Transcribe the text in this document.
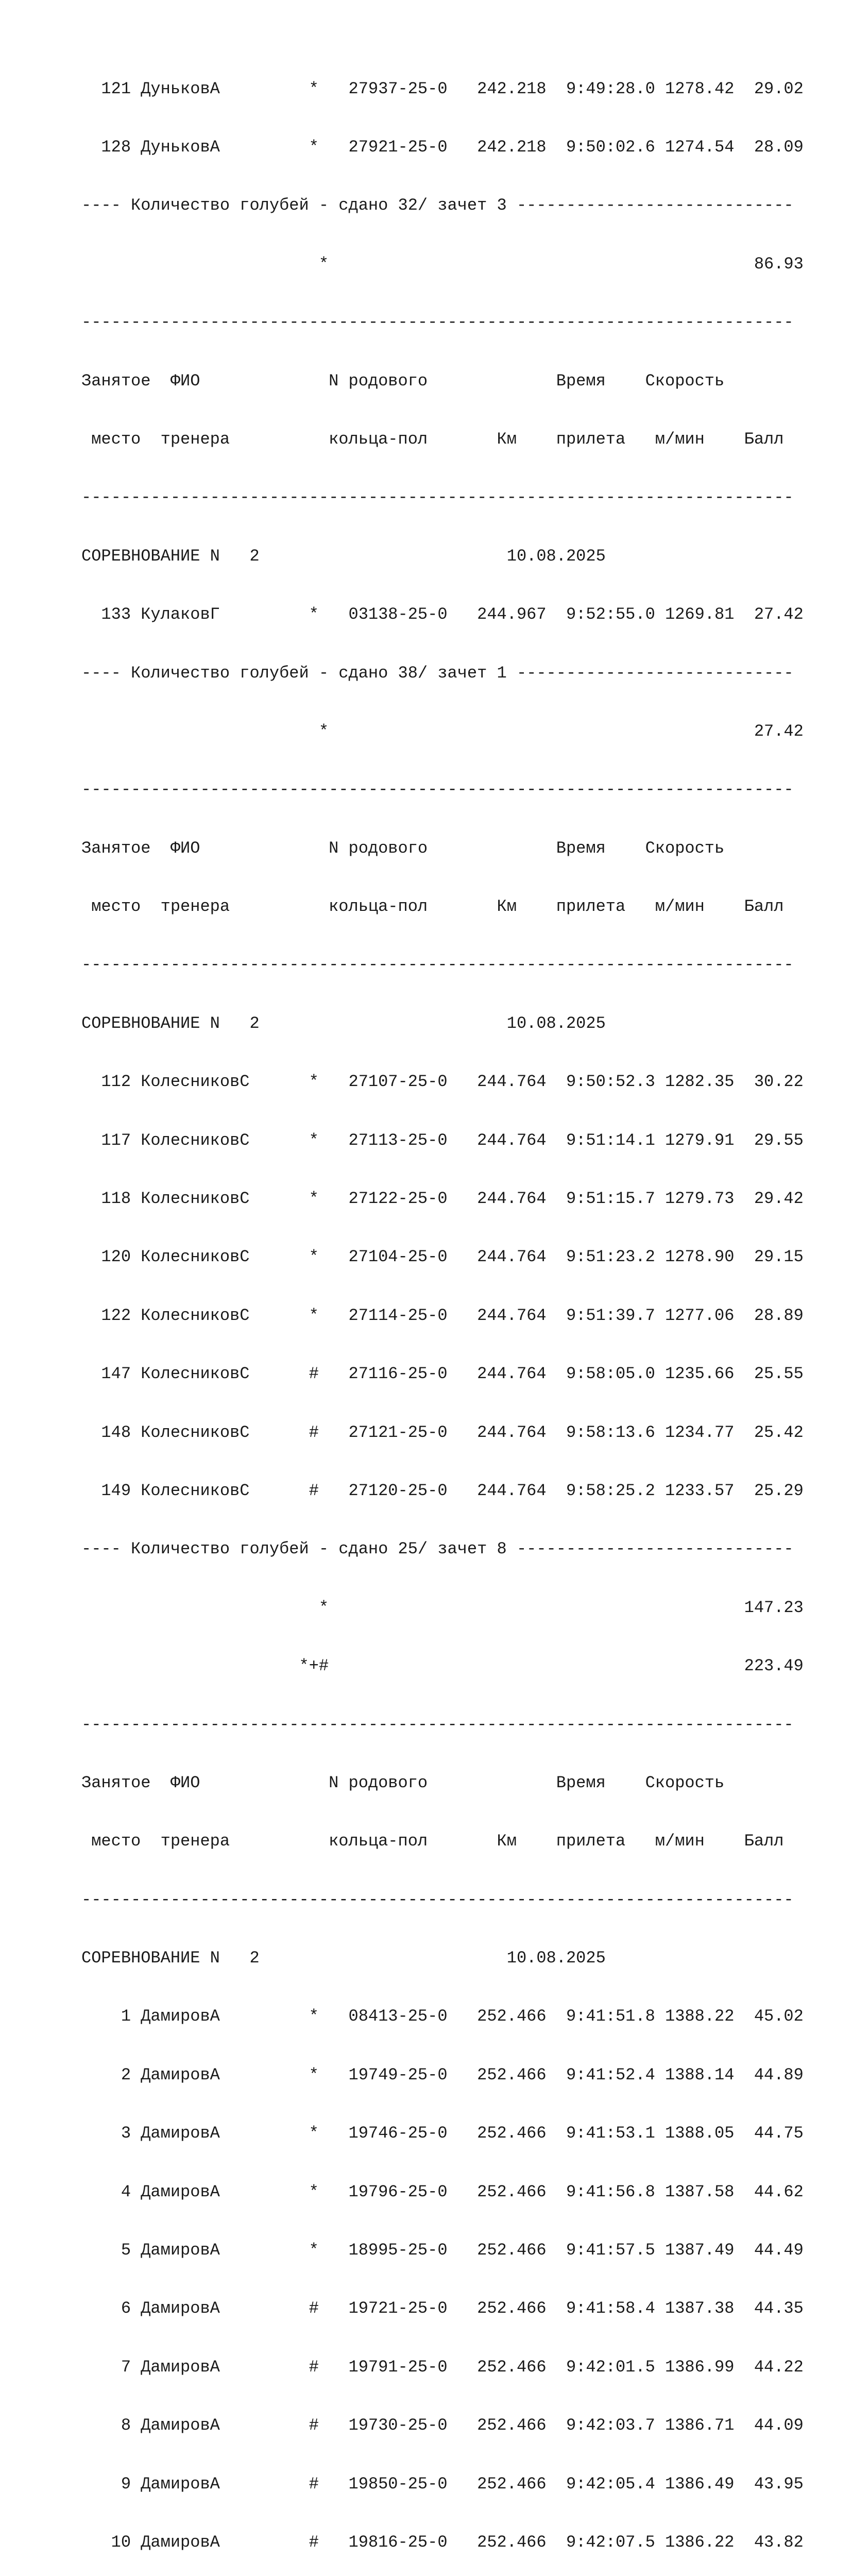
121 ДуньковА         *   27937-25-0   242.218  9:49:28.0 1278.42  29.02

128 ДуньковА         *   27921-25-0   242.218  9:50:02.6 1274.54  28.09

---- Количество голубей - сдано 32/ зачет 3 ----------------------------

*                                           86.93

------------------------------------------------------------------------

Занятое  ФИО             N родового             Время    Скорость

место  тренера          кольца-пол       Км    прилета   м/мин    Балл

------------------------------------------------------------------------

СОРЕВНОВАНИЕ N   2                         10.08.2025

133 КулаковГ         *   03138-25-0   244.967  9:52:55.0 1269.81  27.42

---- Количество голубей - сдано 38/ зачет 1 ----------------------------

*                                           27.42

------------------------------------------------------------------------

Занятое  ФИО             N родового             Время    Скорость

место  тренера          кольца-пол       Км    прилета   м/мин    Балл

------------------------------------------------------------------------

СОРЕВНОВАНИЕ N   2                         10.08.2025

112 КолесниковС      *   27107-25-0   244.764  9:50:52.3 1282.35  30.22

117 КолесниковС      *   27113-25-0   244.764  9:51:14.1 1279.91  29.55

118 КолесниковС      *   27122-25-0   244.764  9:51:15.7 1279.73  29.42

120 КолесниковС      *   27104-25-0   244.764  9:51:23.2 1278.90  29.15

122 КолесниковС      *   27114-25-0   244.764  9:51:39.7 1277.06  28.89

147 КолесниковС      #   27116-25-0   244.764  9:58:05.0 1235.66  25.55

148 КолесниковС      #   27121-25-0   244.764  9:58:13.6 1234.77  25.42

149 КолесниковС      #   27120-25-0   244.764  9:58:25.2 1233.57  25.29

---- Количество голубей - сдано 25/ зачет 8 ----------------------------

*                                          147.23

*+#                                          223.49

------------------------------------------------------------------------

Занятое  ФИО             N родового             Время    Скорость

место  тренера          кольца-пол       Км    прилета   м/мин    Балл

------------------------------------------------------------------------

СОРЕВНОВАНИЕ N   2                         10.08.2025

1 ДамировА         *   08413-25-0   252.466  9:41:51.8 1388.22  45.02

2 ДамировА         *   19749-25-0   252.466  9:41:52.4 1388.14  44.89

3 ДамировА         *   19746-25-0   252.466  9:41:53.1 1388.05  44.75

4 ДамировА         *   19796-25-0   252.466  9:41:56.8 1387.58  44.62

5 ДамировА         *   18995-25-0   252.466  9:41:57.5 1387.49  44.49

6 ДамировА         #   19721-25-0   252.466  9:41:58.4 1387.38  44.35

7 ДамировА         #   19791-25-0   252.466  9:42:01.5 1386.99  44.22

8 ДамировА         #   19730-25-0   252.466  9:42:03.7 1386.71  44.09

9 ДамировА         #   19850-25-0   252.466  9:42:05.4 1386.49  43.95

10 ДамировА         #   19816-25-0   252.466  9:42:07.5 1386.22  43.82
